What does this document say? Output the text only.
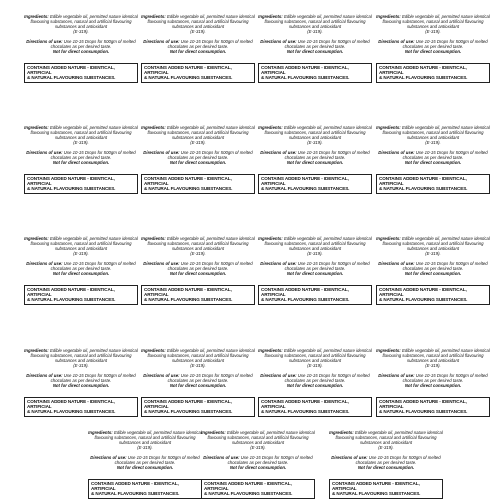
Ingredients: Edible vegetable oil, permitted nature identical flavouring substances, natural and artificial flavouring substances and antioxidant

(E-319).

Directions of use: Use 10-15 Drops for 500gm of melted chocolates as per desired taste.

Not for direct consumption.

CONTAINS ADDED NATURE - IDENTICAL, ARTIFICIAL
& NATURAL FLAVOURING SUBSTANCES.

Ingredients: Edible vegetable oil, permitted nature identical flavouring substances, natural and artificial flavouring substances and antioxidant

(E-319).

Directions of use: Use 10-15 Drops for 500gm of melted chocolates as per desired taste.

Not for direct consumption.

CONTAINS ADDED NATURE - IDENTICAL, ARTIFICIAL
& NATURAL FLAVOURING SUBSTANCES.

Ingredients: Edible vegetable oil, permitted nature identical flavouring substances, natural and artificial flavouring substances and antioxidant

(E-319).

Directions of use: Use 10-15 Drops for 500gm of melted chocolates as per desired taste.

Not for direct consumption.

CONTAINS ADDED NATURE - IDENTICAL, ARTIFICIAL
& NATURAL FLAVOURING SUBSTANCES.

Ingredients: Edible vegetable oil, permitted nature identical flavouring substances, natural and artificial flavouring substances and antioxidant

(E-319).

Directions of use: Use 10-15 Drops for 500gm of melted chocolates as per desired taste.

Not for direct consumption.

CONTAINS ADDED NATURE - IDENTICAL, ARTIFICIAL
& NATURAL FLAVOURING SUBSTANCES.

Ingredients: Edible vegetable oil, permitted nature identical flavouring substances, natural and artificial flavouring substances and antioxidant

(E-319).

Directions of use: Use 10-15 Drops for 500gm of melted chocolates as per desired taste.

Not for direct consumption.

CONTAINS ADDED NATURE - IDENTICAL, ARTIFICIAL
& NATURAL FLAVOURING SUBSTANCES.

Ingredients: Edible vegetable oil, permitted nature identical flavouring substances, natural and artificial flavouring substances and antioxidant

(E-319).

Directions of use: Use 10-15 Drops for 500gm of melted chocolates as per desired taste.

Not for direct consumption.

CONTAINS ADDED NATURE - IDENTICAL, ARTIFICIAL
& NATURAL FLAVOURING SUBSTANCES.

Ingredients: Edible vegetable oil, permitted nature identical flavouring substances, natural and artificial flavouring substances and antioxidant

(E-319).

Directions of use: Use 10-15 Drops for 500gm of melted chocolates as per desired taste.

Not for direct consumption.

CONTAINS ADDED NATURE - IDENTICAL, ARTIFICIAL
& NATURAL FLAVOURING SUBSTANCES.

Ingredients: Edible vegetable oil, permitted nature identical flavouring substances, natural and artificial flavouring substances and antioxidant

(E-319).

Directions of use: Use 10-15 Drops for 500gm of melted chocolates as per desired taste.

Not for direct consumption.

CONTAINS ADDED NATURE - IDENTICAL, ARTIFICIAL
& NATURAL FLAVOURING SUBSTANCES.

Ingredients: Edible vegetable oil, permitted nature identical flavouring substances, natural and artificial flavouring substances and antioxidant

(E-319).

Directions of use: Use 10-15 Drops for 500gm of melted chocolates as per desired taste.

Not for direct consumption.

CONTAINS ADDED NATURE - IDENTICAL, ARTIFICIAL
& NATURAL FLAVOURING SUBSTANCES.

Ingredients: Edible vegetable oil, permitted nature identical flavouring substances, natural and artificial flavouring substances and antioxidant

(E-319).

Directions of use: Use 10-15 Drops for 500gm of melted chocolates as per desired taste.

Not for direct consumption.

CONTAINS ADDED NATURE - IDENTICAL, ARTIFICIAL
& NATURAL FLAVOURING SUBSTANCES.

Ingredients: Edible vegetable oil, permitted nature identical flavouring substances, natural and artificial flavouring substances and antioxidant

(E-319).

Directions of use: Use 10-15 Drops for 500gm of melted chocolates as per desired taste.

Not for direct consumption.

CONTAINS ADDED NATURE - IDENTICAL, ARTIFICIAL
& NATURAL FLAVOURING SUBSTANCES.

Ingredients: Edible vegetable oil, permitted nature identical flavouring substances, natural and artificial flavouring substances and antioxidant

(E-319).

Directions of use: Use 10-15 Drops for 500gm of melted chocolates as per desired taste.

Not for direct consumption.

CONTAINS ADDED NATURE - IDENTICAL, ARTIFICIAL
& NATURAL FLAVOURING SUBSTANCES.

Ingredients: Edible vegetable oil, permitted nature identical flavouring substances, natural and artificial flavouring substances and antioxidant

(E-319).

Directions of use: Use 10-15 Drops for 500gm of melted chocolates as per desired taste.

Not for direct consumption.

CONTAINS ADDED NATURE - IDENTICAL, ARTIFICIAL
& NATURAL FLAVOURING SUBSTANCES.

Ingredients: Edible vegetable oil, permitted nature identical flavouring substances, natural and artificial flavouring substances and antioxidant

(E-319).

Directions of use: Use 10-15 Drops for 500gm of melted chocolates as per desired taste.

Not for direct consumption.

CONTAINS ADDED NATURE - IDENTICAL, ARTIFICIAL
& NATURAL FLAVOURING SUBSTANCES.

Ingredients: Edible vegetable oil, permitted nature identical flavouring substances, natural and artificial flavouring substances and antioxidant

(E-319).

Directions of use: Use 10-15 Drops for 500gm of melted chocolates as per desired taste.

Not for direct consumption.

CONTAINS ADDED NATURE - IDENTICAL, ARTIFICIAL
& NATURAL FLAVOURING SUBSTANCES.

Ingredients: Edible vegetable oil, permitted nature identical flavouring substances, natural and artificial flavouring substances and antioxidant

(E-319).

Directions of use: Use 10-15 Drops for 500gm of melted chocolates as per desired taste.

Not for direct consumption.

CONTAINS ADDED NATURE - IDENTICAL, ARTIFICIAL
& NATURAL FLAVOURING SUBSTANCES.

Ingredients: Edible vegetable oil, permitted nature identical flavouring substances, natural and artificial flavouring substances and antioxidant

(E-319).

Directions of use: Use 10-15 Drops for 500gm of melted chocolates as per desired taste.

Not for direct consumption.

CONTAINS ADDED NATURE - IDENTICAL, ARTIFICIAL
& NATURAL FLAVOURING SUBSTANCES.

Ingredients: Edible vegetable oil, permitted nature identical flavouring substances, natural and artificial flavouring substances and antioxidant

(E-319).

Directions of use: Use 10-15 Drops for 500gm of melted chocolates as per desired taste.

Not for direct consumption.

CONTAINS ADDED NATURE - IDENTICAL, ARTIFICIAL
& NATURAL FLAVOURING SUBSTANCES.

Ingredients: Edible vegetable oil, permitted nature identical flavouring substances, natural and artificial flavouring substances and antioxidant

(E-319).

Directions of use: Use 10-15 Drops for 500gm of melted chocolates as per desired taste.

Not for direct consumption.

CONTAINS ADDED NATURE - IDENTICAL, ARTIFICIAL
& NATURAL FLAVOURING SUBSTANCES.
